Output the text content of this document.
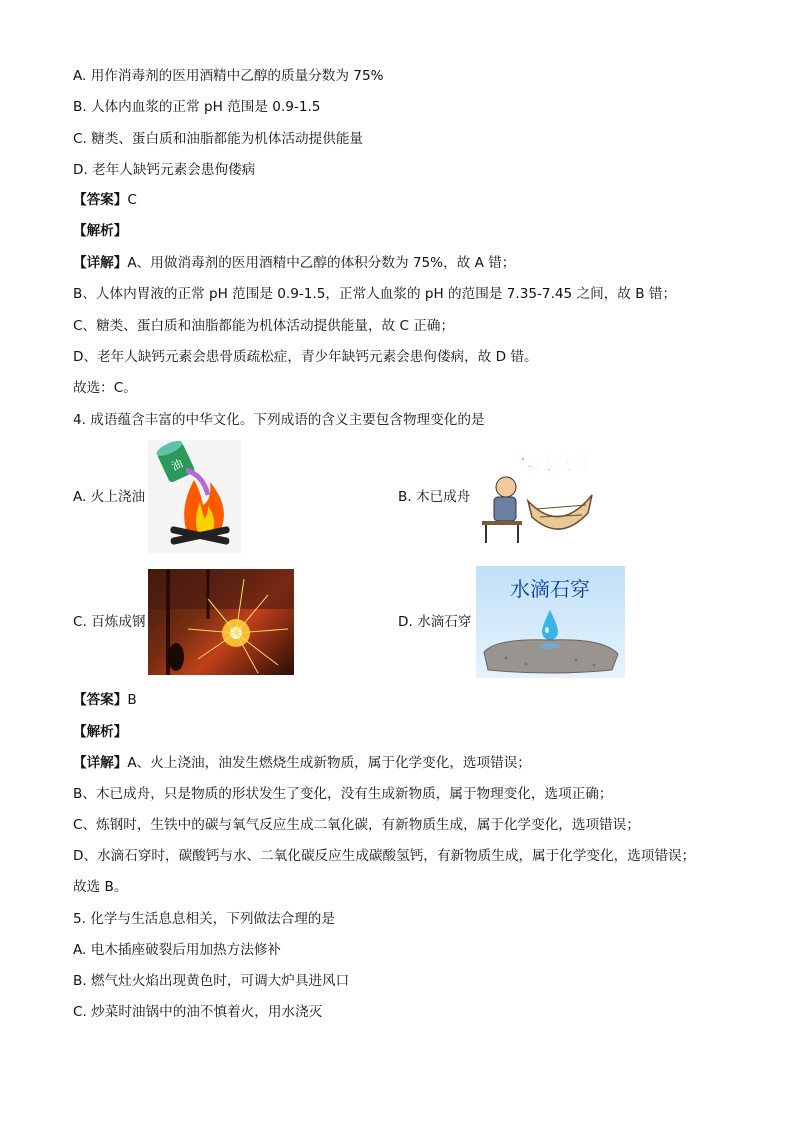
A. 用作消毒剂的医用酒精中乙醇的质量分数为 75%
B. 人体内血浆的正常 pH 范围是 0.9-1.5
C. 糖类、蛋白质和油脂都能为机体活动提供能量
D. 老年人缺钙元素会患佝偻病
【答案】C
【解析】
【详解】A、用做消毒剂的医用酒精中乙醇的体积分数为 75%，故 A 错；
B、人体内胃液的正常 pH 范围是 0.9-1.5，正常人血浆的 pH 的范围是 7.35-7.45 之间，故 B 错；
C、糖类、蛋白质和油脂都能为机体活动提供能量，故 C 正确；
D、老年人缺钙元素会患骨质疏松症，青少年缺钙元素会患佝偻病，故 D 错。
故选：C。
4. 成语蕴含丰富的中华文化。下列成语的含义主要包含物理变化的是
A. 火上浇油
油
B. 木已成舟
木已成舟
C. 百炼成钢	D. 水滴石穿
水滴石穿
【答案】B
【解析】
【详解】A、火上浇油，油发生燃烧生成新物质，属于化学变化，选项错误；
B、木已成舟，只是物质的形状发生了变化，没有生成新物质，属于物理变化，选项正确；
C、炼钢时，生铁中的碳与氧气反应生成二氧化碳，有新物质生成，属于化学变化，选项错误；
D、水滴石穿时，碳酸钙与水、二氧化碳反应生成碳酸氢钙，有新物质生成，属于化学变化，选项错误；
故选 B。
5. 化学与生活息息相关，下列做法合理的是
A. 电木插座破裂后用加热方法修补
B. 燃气灶火焰出现黄色时，可调大炉具进风口
C. 炒菜时油锅中的油不慎着火，用水浇灭
